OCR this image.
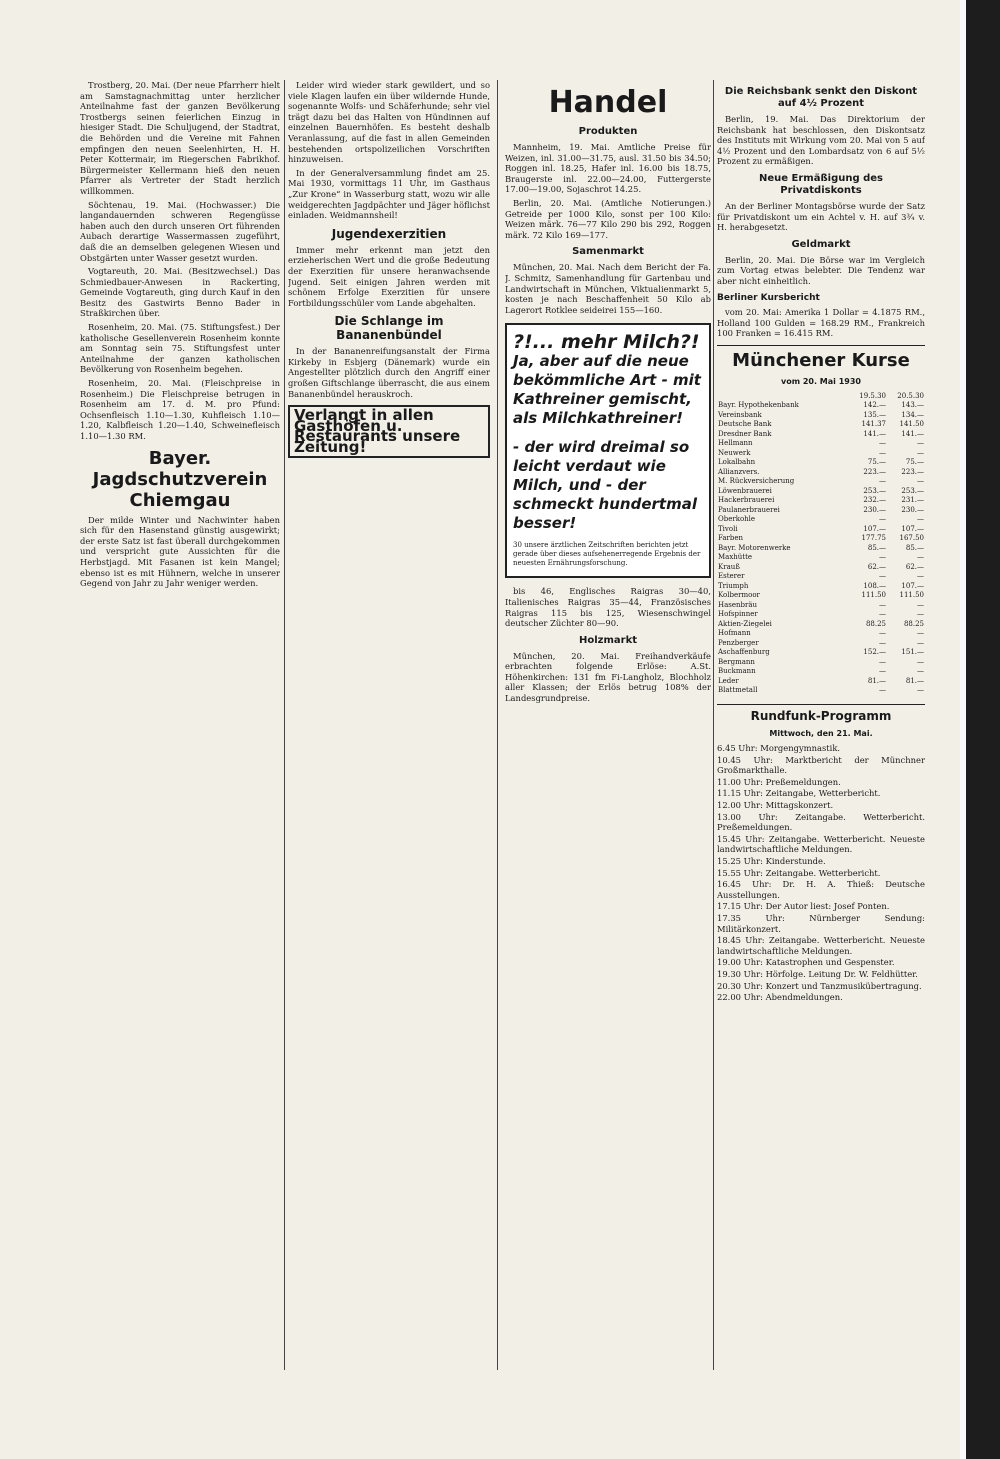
Trostberg, 20. Mai. (Der neue Pfarrherr hielt am Samstagnachmittag unter herzlicher Anteilnahme fast der ganzen Bevölkerung Trostbergs seinen feierlichen Einzug in hiesiger Stadt. Die Schuljugend, der Stadtrat, die Behörden und die Vereine mit Fahnen empfingen den neuen Seelenhirten, H. H. Peter Kottermair, im Riegerschen Fabrikhof. Bürgermeister Kellermann hieß den neuen Pfarrer als Vertreter der Stadt herzlich willkommen.

Söchtenau, 19. Mai. (Hochwasser.) Die langandauernden schweren Regengüsse haben auch den durch unseren Ort führenden Aubach derartige Wassermassen zugeführt, daß die an demselben gelegenen Wiesen und Obstgärten unter Wasser gesetzt wurden.

Vogtareuth, 20. Mai. (Besitzwechsel.) Das Schmiedbauer-Anwesen in Rackerting, Gemeinde Vogtareuth, ging durch Kauf in den Besitz des Gastwirts Benno Bader in Straßkirchen über.

Rosenheim, 20. Mai. (75. Stiftungsfest.) Der katholische Gesellenverein Rosenheim konnte am Sonntag sein 75. Stiftungsfest unter Anteilnahme der ganzen katholischen Bevölkerung von Rosenheim begehen.

Rosenheim, 20. Mai. (Fleischpreise in Rosenheim.) Die Fleischpreise betrugen in Rosenheim am 17. d. M. pro Pfund: Ochsenfleisch 1.10—1.30, Kuhfleisch 1.10—1.20, Kalbfleisch 1.20—1.40, Schweinefleisch 1.10—1.30 RM.

Bayer. Jagdschutzverein Chiemgau

Der milde Winter und Nachwinter haben sich für den Hasenstand günstig ausgewirkt; der erste Satz ist fast überall durchgekommen und verspricht gute Aussichten für die Herbstjagd. Mit Fasanen ist kein Mangel; ebenso ist es mit Hühnern, welche in unserer Gegend von Jahr zu Jahr weniger werden.

Leider wird wieder stark gewildert, und so viele Klagen laufen ein über wildernde Hunde, sogenannte Wolfs- und Schäferhunde; sehr viel trägt dazu bei das Halten von Hündinnen auf einzelnen Bauernhöfen. Es besteht deshalb Veranlassung, auf die fast in allen Gemeinden bestehenden ortspolizeilichen Vorschriften hinzuweisen.

In der Generalversammlung findet am 25. Mai 1930, vormittags 11 Uhr, im Gasthaus „Zur Krone“ in Wasserburg statt, wozu wir alle weidgerechten Jagdpächter und Jäger höflichst einladen. Weidmannsheil!

Jugendexerzitien

Immer mehr erkennt man jetzt den erzieherischen Wert und die große Bedeutung der Exerzitien für unsere heranwachsende Jugend. Seit einigen Jahren werden mit schönem Erfolge Exerzitien für unsere Fortbildungsschüler vom Lande abgehalten.

Die Schlange im Bananenbündel

In der Bananenreifungsanstalt der Firma Kirkeby in Esbjerg (Dänemark) wurde ein Angestellter plötzlich durch den Angriff einer großen Giftschlange überrascht, die aus einem Bananenbündel herauskroch.

Verlangt in allen Gasthöfen u. Restaurants unsere Zeitung!
Handel
Produkten

Mannheim, 19. Mai. Amtliche Preise für Weizen, inl. 31.00—31.75, ausl. 31.50 bis 34.50; Roggen inl. 18.25, Hafer inl. 16.00 bis 18.75, Braugerste inl. 22.00—24.00, Futtergerste 17.00—19.00, Sojaschrot 14.25.

Berlin, 20. Mai. (Amtliche Notierungen.) Getreide per 1000 Kilo, sonst per 100 Kilo: Weizen märk. 76—77 Kilo 290 bis 292, Roggen märk. 72 Kilo 169—177.

Samenmarkt

München, 20. Mai. Nach dem Bericht der Fa. J. Schmitz, Samenhandlung für Gartenbau und Landwirtschaft in München, Viktualienmarkt 5, kosten je nach Beschaffenheit 50 Kilo ab Lagerort Rotklee seideirei 155—160.

?!... mehr Milch?!
Ja, aber auf die neue bekömmliche Art - mit Kathreiner gemischt, als Milchkathreiner!
- der wird dreimal so leicht verdaut wie Milch, und - der schmeckt hundertmal besser!
30 unsere ärztlichen Zeitschriften berichten jetzt gerade über dieses aufsehenerregende Ergebnis der neuesten Ernährungsforschung.

bis 46, Englisches Raigras 30—40, Italienisches Raigras 35—44, Französisches Raigras 115 bis 125, Wiesenschwingel deutscher Züchter 80—90.

Holzmarkt

München, 20. Mai. Freihandverkäufe erbrachten folgende Erlöse: A.St. Höhenkirchen: 131 fm Fi-Langholz, Blochholz aller Klassen; der Erlös betrug 108% der Landesgrundpreise.

Die Reichsbank senkt den Diskont auf 4½ Prozent

Berlin, 19. Mai. Das Direktorium der Reichsbank hat beschlossen, den Diskontsatz des Instituts mit Wirkung vom 20. Mai von 5 auf 4½ Prozent und den Lombardsatz von 6 auf 5½ Prozent zu ermäßigen.

Neue Ermäßigung des Privatdiskonts

An der Berliner Montagsbörse wurde der Satz für Privatdiskont um ein Achtel v. H. auf 3¾ v. H. herabgesetzt.

Geldmarkt

Berlin, 20. Mai. Die Börse war im Vergleich zum Vortag etwas belebter. Die Tendenz war aber nicht einheitlich.

Berliner Kursbericht

vom 20. Mai: Amerika 1 Dollar = 4.1875 RM., Holland 100 Gulden = 168.29 RM., Frankreich 100 Franken = 16.415 RM.

Münchener Kurse
vom 20. Mai 1930
	19.5.30	20.5.30
Bayr. Hypothekenbank	142.—	143.—
Vereinsbank	135.—	134.—
Deutsche Bank	141.37	141.50
Dresdner Bank	141.—	141.—
Hellmann	—	—
Neuwerk	—	—
Lokalbahn	75.—	75.—
Allianzvers.	223.—	223.—
M. Rückversicherung	—	—
Löwenbrauerei	253.—	253.—
Hackerbrauerei	232.—	231.—
Paulanerbrauerei	230.—	230.—
Oberkohle	—	—
Tivoli	107.—	107.—
Farben	177.75	167.50
Bayr. Motorenwerke	85.—	85.—
Maxhütte	—	—
Krauß	62.—	62.—
Esterer	—	—
Triumph	108.—	107.—
Kolbermoor	111.50	111.50
Hasenbräu	—	—
Hofspinner	—	—
Aktien-Ziegelei	88.25	88.25
Hofmann	—	—
Penzberger	—	—
Aschaffenburg	152.—	151.—
Bergmann	—	—
Buckmann	—	—
Leder	81.—	81.—
Blattmetall	—	—
Rundfunk-Programm
Mittwoch, den 21. Mai.

6.45 Uhr: Morgengymnastik.

10.45 Uhr: Marktbericht der Münchner Großmarkthalle.

11.00 Uhr: Preßemeldungen.

11.15 Uhr: Zeitangabe, Wetterbericht.

12.00 Uhr: Mittagskonzert.

13.00 Uhr: Zeitangabe. Wetterbericht. Preßemeldungen.

15.45 Uhr: Zeitangabe. Wetterbericht. Neueste landwirtschaftliche Meldungen.

15.25 Uhr: Kinderstunde.

15.55 Uhr: Zeitangabe. Wetterbericht.

16.45 Uhr: Dr. H. A. Thieß: Deutsche Ausstellungen.

17.15 Uhr: Der Autor liest: Josef Ponten.

17.35 Uhr: Nürnberger Sendung: Militärkonzert.

18.45 Uhr: Zeitangabe. Wetterbericht. Neueste landwirtschaftliche Meldungen.

19.00 Uhr: Katastrophen und Gespenster.

19.30 Uhr: Hörfolge. Leitung Dr. W. Feldhütter.

20.30 Uhr: Konzert und Tanzmusikübertragung.

22.00 Uhr: Abendmeldungen.
